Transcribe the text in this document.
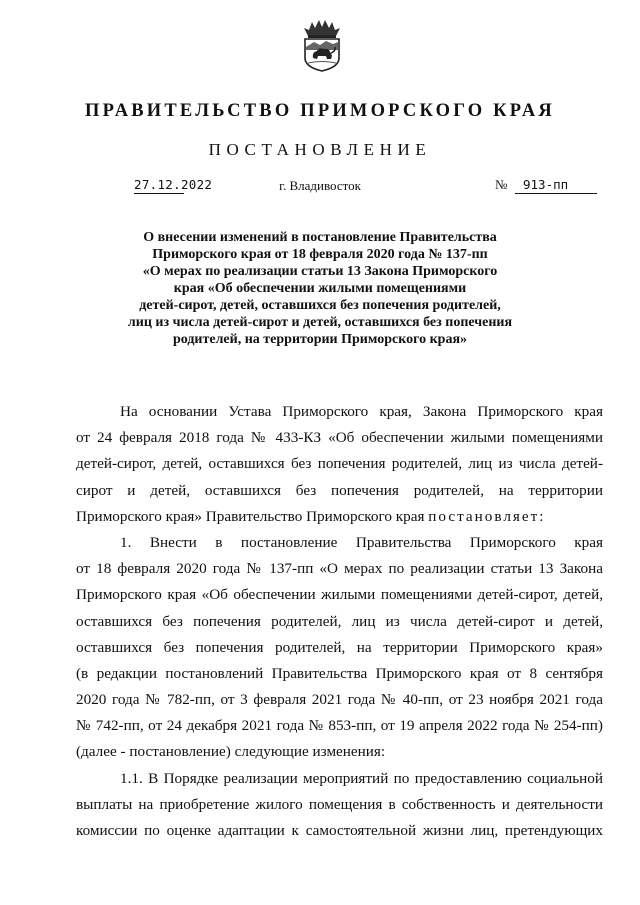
ПРАВИТЕЛЬСТВО ПРИМОРСКОГО КРАЯ
ПОСТАНОВЛЕНИЕ
27.12.2022	г. Владивосток	№	913-пп
О внесении изменений в постановление Правительства
Приморского края от 18 февраля 2020 года № 137-пп
«О мерах по реализации статьи 13 Закона Приморского
края «Об обеспечении жилыми помещениями
детей-сирот, детей, оставшихся без попечения родителей,
лиц из числа детей-сирот и детей, оставшихся без попечения
родителей, на территории Приморского края»
На основании Устава Приморского края, Закона Приморского края
от 24 февраля 2018 года № 433-КЗ «Об обеспечении жилыми помещениями
детей-сирот, детей, оставшихся без попечения родителей, лиц из числа детей-
сирот и детей, оставшихся без попечения родителей, на территории
Приморского края» Правительство Приморского края постановляет:
1. Внести в постановление Правительства Приморского края
от 18 февраля 2020 года № 137-пп «О мерах по реализации статьи 13 Закона
Приморского края «Об обеспечении жилыми помещениями детей-сирот, детей,
оставшихся без попечения родителей, лиц из числа детей-сирот и детей,
оставшихся без попечения родителей, на территории Приморского края»
(в редакции постановлений Правительства Приморского края от 8 сентября
2020 года № 782-пп, от 3 февраля 2021 года № 40-пп, от 23 ноября 2021 года
№ 742-пп, от 24 декабря 2021 года № 853-пп, от 19 апреля 2022 года № 254-пп)
(далее - постановление) следующие изменения:
1.1. В Порядке реализации мероприятий по предоставлению социальной
выплаты на приобретение жилого помещения в собственность и деятельности
комиссии по оценке адаптации к самостоятельной жизни лиц, претендующих
